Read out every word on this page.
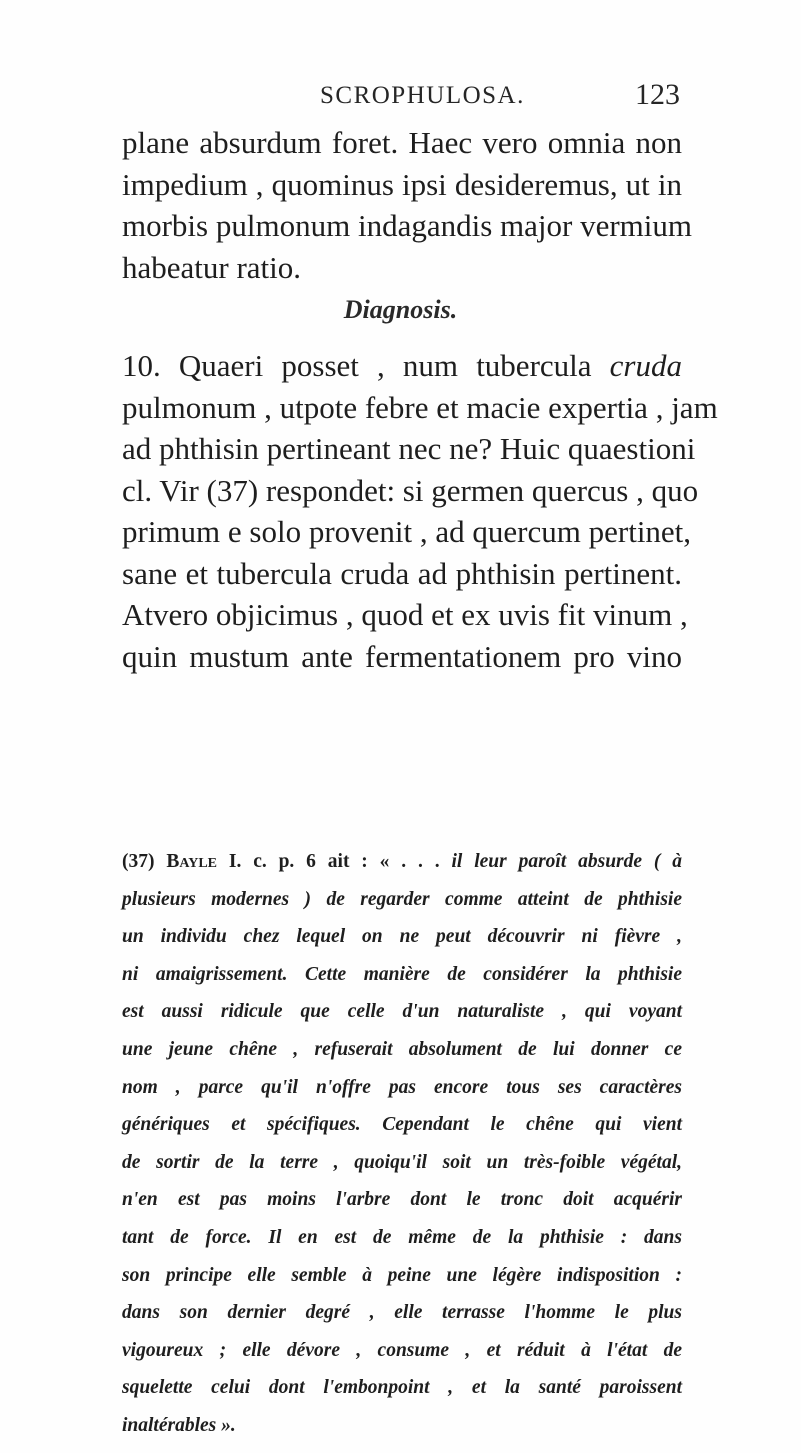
SCROPHULOSA.	123

plane absurdum foret. Haec vero omnia non
impedium , quominus ipsi desideremus, ut in
morbis pulmonum indagandis major vermium
habeatur ratio.

Diagnosis.

10. Quaeri posset , num tubercula cruda
pulmonum , utpote febre et macie expertia , jam
ad phthisin pertineant nec ne? Huic quaestioni
cl. Vir (37) respondet: si germen quercus , quo
primum e solo provenit , ad quercum pertinet,
sane et tubercula cruda ad phthisin pertinent.
Atvero objicimus , quod et ex uvis fit vinum ,
quin mustum ante fermentationem pro vino

(37) Bayle I. c. p. 6 ait : « . . . il leur paroît absurde ( à
plusieurs modernes ) de regarder comme atteint de phthisie
un individu chez lequel on ne peut découvrir ni fièvre ,
ni amaigrissement. Cette manière de considérer la phthisie
est aussi ridicule que celle d'un naturaliste , qui voyant
une jeune chêne , refuserait absolument de lui donner ce
nom , parce qu'il n'offre pas encore tous ses caractères
génériques et spécifiques. Cependant le chêne qui vient
de sortir de la terre , quoiqu'il soit un très-foible végétal,
n'en est pas moins l'arbre dont le tronc doit acquérir
tant de force. Il en est de même de la phthisie : dans
son principe elle semble à peine une légère indisposition :
dans son dernier degré , elle terrasse l'homme le plus
vigoureux ; elle dévore , consume , et réduit à l'état de
squelette celui dont l'embonpoint , et la santé paroissent
inaltérables ».
